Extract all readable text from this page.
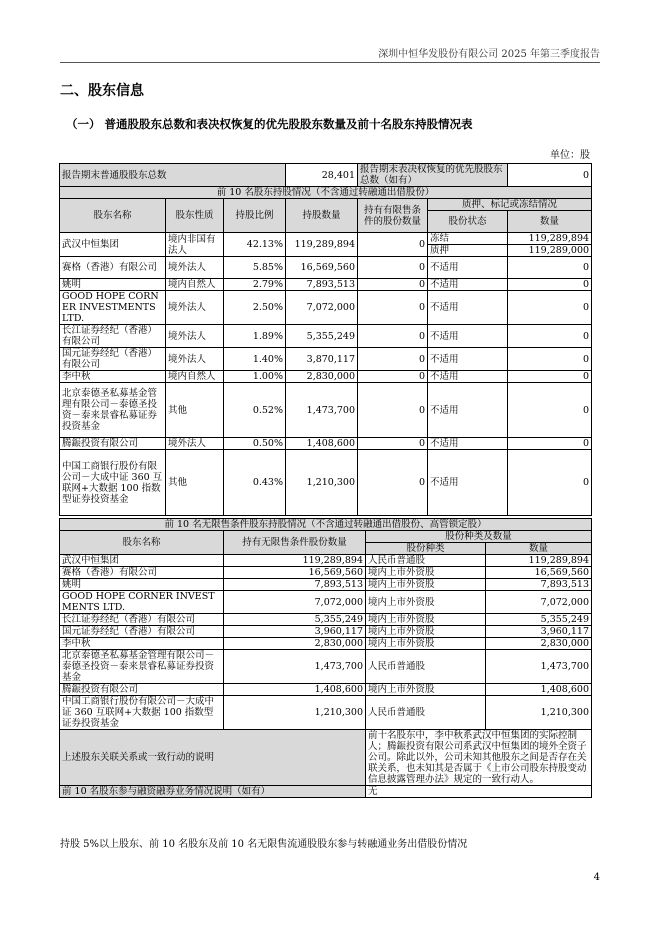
深圳中恒华发股份有限公司 2025 年第三季度报告
二、股东信息
（一） 普通股股东总数和表决权恢复的优先股股东数量及前十名股东持股情况表
单位：股
报告期末普通股股东总数			28,401	报告期末表决权恢复的优先股股东总数（如有）		0
前 10 名股东持股情况（不含通过转融通出借股份）						
股东名称	股东性质	持股比例	持股数量	持有有限售条件的股份数量	质押、标记或冻结情况	
					股份状态	数量
武汉中恒集团	境内非国有法人	42.13%	119,289,894	0	冻结	119,289,894
					质押	119,289,000
赛格（香港）有限公司	境外法人	5.85%	16,569,560	0	不适用	0
姚明	境内自然人	2.79%	7,893,513	0	不适用	0
GOOD HOPE CORNER INVESTMENTS LTD.	境外法人	2.50%	7,072,000	0	不适用	0
长江证券经纪（香港）有限公司	境外法人	1.89%	5,355,249	0	不适用	0
国元证券经纪（香港）有限公司	境外法人	1.40%	3,870,117	0	不适用	0
李中秋	境内自然人	1.00%	2,830,000	0	不适用	0
北京泰德圣私募基金管理有限公司－泰德圣投资－泰来景睿私募证券投资基金	其他	0.52%	1,473,700	0	不适用	0
腾鋠投资有限公司	境外法人	0.50%	1,408,600	0	不适用	0
中国工商银行股份有限公司－大成中证 360 互联网+大数据 100 指数型证券投资基金	其他	0.43%	1,210,300	0	不适用	0
前 10 名无限售条件股东持股情况（不含通过转融通出借股份、高管锁定股）			
股东名称	持有无限售条件股份数量	股份种类及数量	
		股份种类	数量
武汉中恒集团	119,289,894	人民币普通股	119,289,894
赛格（香港）有限公司	16,569,560	境内上市外资股	16,569,560
姚明	7,893,513	境内上市外资股	7,893,513
GOOD HOPE CORNER INVESTMENTS LTD.	7,072,000	境内上市外资股	7,072,000
长江证券经纪（香港）有限公司	5,355,249	境内上市外资股	5,355,249
国元证券经纪（香港）有限公司	3,960,117	境内上市外资股	3,960,117
李中秋	2,830,000	境内上市外资股	2,830,000
北京泰德圣私募基金管理有限公司－泰德圣投资－泰来景睿私募证券投资基金	1,473,700	人民币普通股	1,473,700
腾鋠投资有限公司	1,408,600	境内上市外资股	1,408,600
中国工商银行股份有限公司－大成中证 360 互联网+大数据 100 指数型证券投资基金	1,210,300	人民币普通股	1,210,300
上述股东关联关系或一致行动的说明		前十名股东中，李中秋系武汉中恒集团的实际控制人；腾鋠投资有限公司系武汉中恒集团的境外全资子公司。除此以外，公司未知其他股东之间是否存在关联关系，也未知其是否属于《上市公司股东持股变动信息披露管理办法》规定的一致行动人。	
前 10 名股东参与融资融券业务情况说明（如有）		无	
持股 5%以上股东、前 10 名股东及前 10 名无限售流通股股东参与转融通业务出借股份情况
4
